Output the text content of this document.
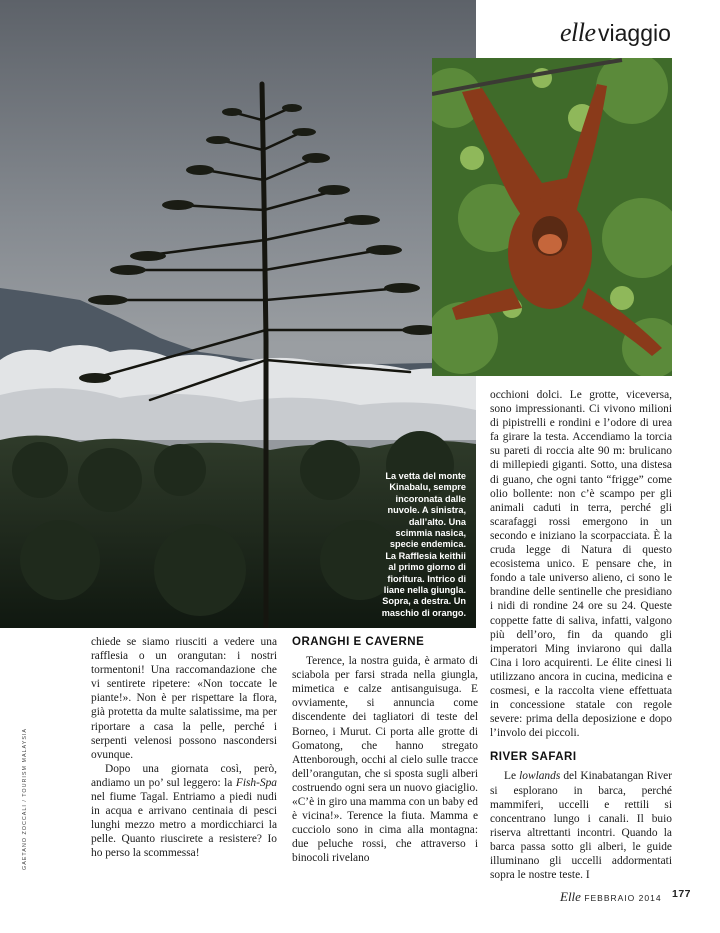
elle viaggio
La vetta del monte Kinabalu, sempre incoronata dalle nuvole. A sinistra, dall’alto. Una scimmia nasica, specie endemica. La Rafflesia keithii al primo giorno di fioritura. Intrico di liane nella giungla. Sopra, a destra. Un maschio di orango.

chiede se siamo riusciti a vedere una rafflesia o un orangutan: i nostri tormentoni! Una raccomandazione che vi sentirete ripetere: «Non toccate le piante!». Non è per rispettare la flora, già protetta da multe salatissime, ma per riportare a casa la pelle, perché i serpenti velenosi possono nascondersi ovunque.

Dopo una giornata così, però, andiamo un po’ sul leggero: la Fish-Spa nel fiume Tagal. Entriamo a piedi nudi in acqua e arrivano centinaia di pesci lunghi mezzo metro a mordicchiarci la pelle. Quanto riuscirete a resistere? Io ho perso la scommessa!

ORANGHI E CAVERNE

Terence, la nostra guida, è armato di sciabola per farsi strada nella giungla, mimetica e calze antisanguisuga. E ovviamente, si annuncia come discendente dei tagliatori di teste del Borneo, i Murut. Ci porta alle grotte di Gomatong, che hanno stregato Attenborough, occhi al cielo sulle tracce dell’orangutan, che si sposta sugli alberi costruendo ogni sera un nuovo giaciglio. «C’è in giro una mamma con un baby ed è vicina!». Terence la fiuta. Mamma e cucciolo sono in cima alla montagna: due peluche rossi, che attraverso i binocoli rivelano

occhioni dolci. Le grotte, viceversa, sono impressionanti. Ci vivono milioni di pipistrelli e rondini e l’odore di urea fa girare la testa. Accendiamo la torcia su pareti di roccia alte 90 m: brulicano di millepiedi giganti. Sotto, una distesa di guano, che ogni tanto “frigge” come olio bollente: non c’è scampo per gli animali caduti in terra, perché gli scarafaggi rossi emergono in un secondo e iniziano la scorpacciata. È la cruda legge di Natura di questo ecosistema unico. E pensare che, in fondo a tale universo alieno, ci sono le brandine delle sentinelle che presidiano i nidi di rondine 24 ore su 24. Queste coppette fatte di saliva, infatti, valgono più dell’oro, fin da quando gli imperatori Ming inviarono qui dalla Cina i loro acquirenti. Le élite cinesi li utilizzano ancora in cucina, medicina e cosmesi, e la raccolta viene effettuata in concessione statale con regole severe: prima della deposizione e dopo l’involo dei piccoli.

RIVER SAFARI

Le lowlands del Kinabatangan River si esplorano in barca, perché mammiferi, uccelli e rettili si concentrano lungo i canali. Il buio riserva altrettanti incontri. Quando la barca passa sotto gli alberi, le guide illuminano gli uccelli addormentati sopra le nostre teste. I

GAETANO ZOCCALI / TOURISM MALAYSIA
Elle FEBBRAIO 2014 177
